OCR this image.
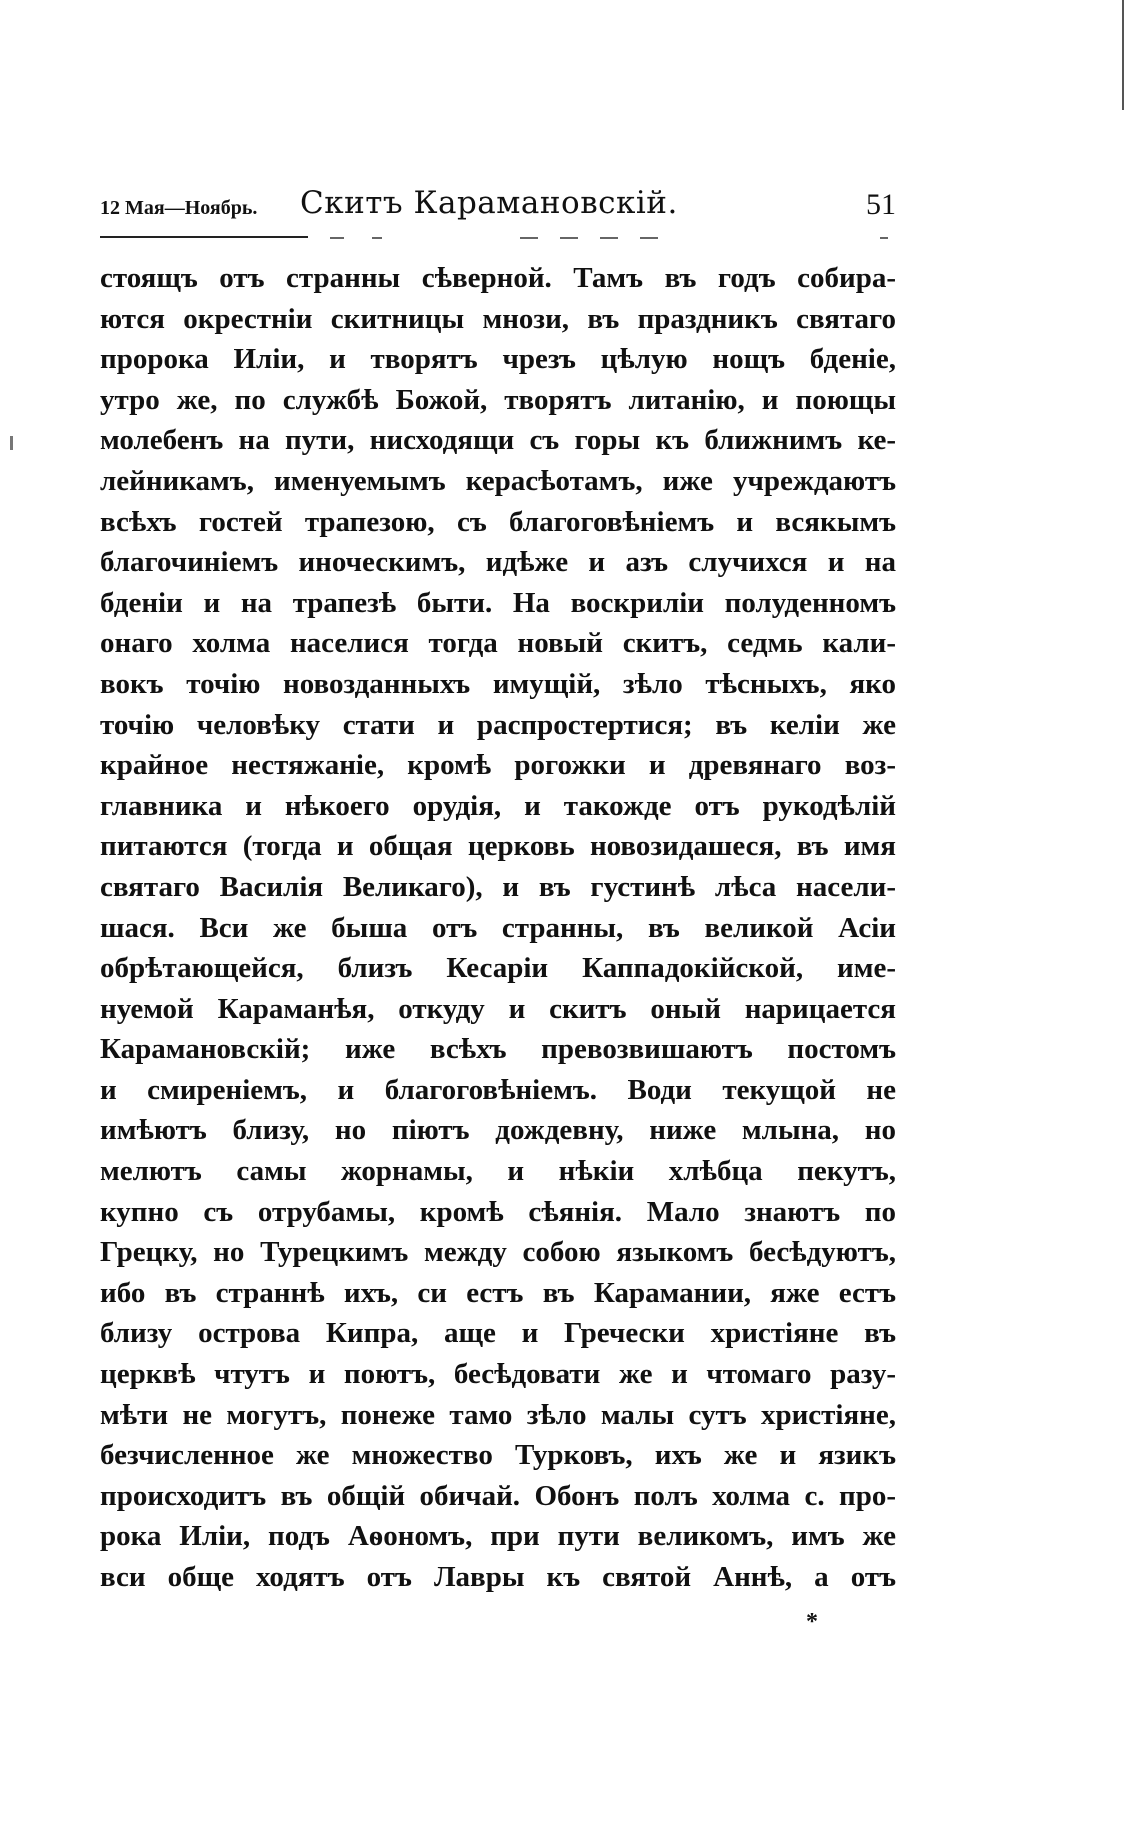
12 Мая—Ноябрь. Скитъ Карамановскій.	51
стоящъ отъ странны сѣверной. Тамъ въ годъ собира-
ются окрестніи скитницы мнози, въ праздникъ святаго
пророка Иліи, и творятъ чрезъ цѣлую нощъ бденіе,
утро же, по службѣ Божой, творятъ литанію, и поющы
молебенъ на пути, нисходящи съ горы къ ближнимъ ке-
лейникамъ, именуемымъ керасѣотамъ, иже учреждаютъ
всѣхъ гостей трапезою, съ благоговѣніемъ и всякымъ
благочиніемъ иноческимъ, идѣже и азъ случихся и на
бденіи и на трапезѣ быти. На воскриліи полуденномъ
онаго холма населися тогда новый скитъ, седмь кали-
вокъ точію новозданныхъ имущій, зѣло тѣсныхъ, яко
точію человѣку стати и распростертися; въ келіи же
крайное нестяжаніе, кромѣ рогожки и древянаго воз-
главника и нѣкоего орудія, и такожде отъ рукодѣлій
питаются (тогда и общая церковь новозидашеся, въ имя
святаго Василія Великаго), и въ густинѣ лѣса насели-
шася. Вси же быша отъ странны, въ великой Асіи
обрѣтающейся, близъ Кесаріи Каппадокійской, име-
нуемой Караманѣя, откуду и скитъ оный нарицается
Карамановскій; иже всѣхъ превозвишаютъ постомъ
и смиреніемъ, и благоговѣніемъ. Води текущой не
имѣютъ близу, но піютъ дождевну, ниже млына, но
мелютъ самы жорнамы, и нѣкіи хлѣбца пекутъ,
купно съ отрубамы, кромѣ сѣянія. Мало знаютъ по
Грецку, но Турецкимъ между собою языкомъ бесѣдуютъ,
ибо въ страннѣ ихъ, си естъ въ Карамании, яже естъ
близу острова Кипра, аще и Гречески христіяне въ
церквѣ чтутъ и поютъ, бесѣдовати же и чтомаго разу-
мѣти не могутъ, понеже тамо зѣло малы сутъ христіяне,
безчисленное же множество Турковъ, ихъ же и язикъ
происходитъ въ общій обичай. Обонъ полъ холма с. про-
рока Иліи, подъ Аѳономъ, при пути великомъ, имъ же
вси обще ходятъ отъ Лавры къ святой Аннѣ, а отъ
*
